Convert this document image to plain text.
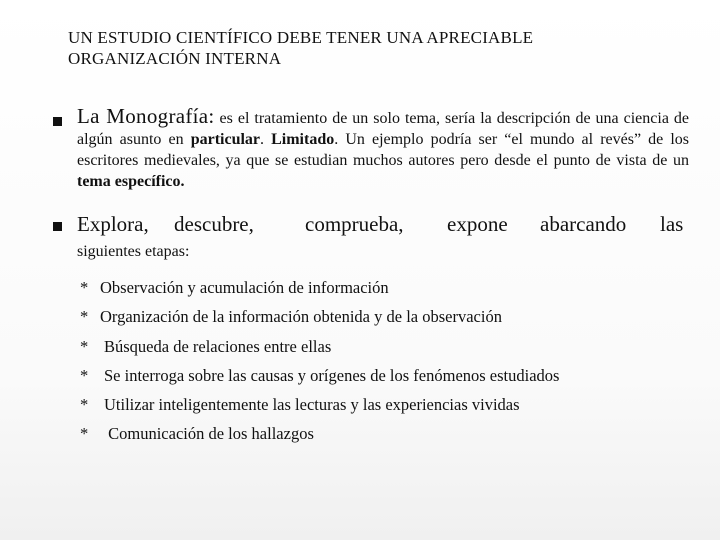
UN ESTUDIO CIENTÍFICO DEBE TENER UNA APRECIABLE
ORGANIZACIÓN INTERNA
La Monografía: es el tratamiento de un solo tema, sería la descripción de una ciencia de algún asunto en particular. Limitado. Un ejemplo podría ser “el mundo al revés” de los escritores medievales, ya que se estudian muchos autores pero desde el punto de vista de un tema específico.
Explora, descubre, comprueba, expone abarcando las
siguientes etapas:
* Observación y acumulación de información
* Organización de la información obtenida y de la observación
* Búsqueda de relaciones entre ellas
* Se interroga sobre las causas y orígenes de los fenómenos estudiados
* Utilizar inteligentemente las lecturas y las experiencias vividas
* Comunicación de los hallazgos
